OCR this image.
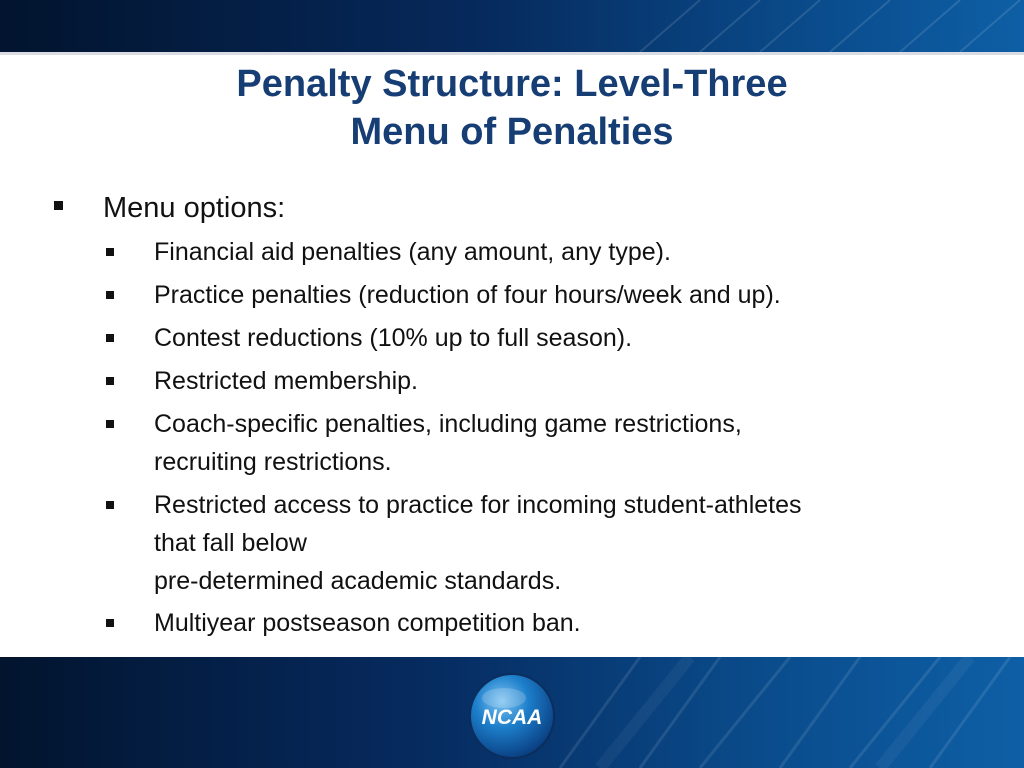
Penalty Structure: Level-Three
Menu of Penalties
Menu options:
Financial aid penalties (any amount, any type).
Practice penalties (reduction of four hours/week and up).
Contest reductions (10% up to full season).
Restricted membership.
Coach-specific penalties, including game restrictions,
recruiting restrictions.
Restricted access to practice for incoming student-athletes
that fall below
pre-determined academic standards.
Multiyear postseason competition ban.
NCAA
